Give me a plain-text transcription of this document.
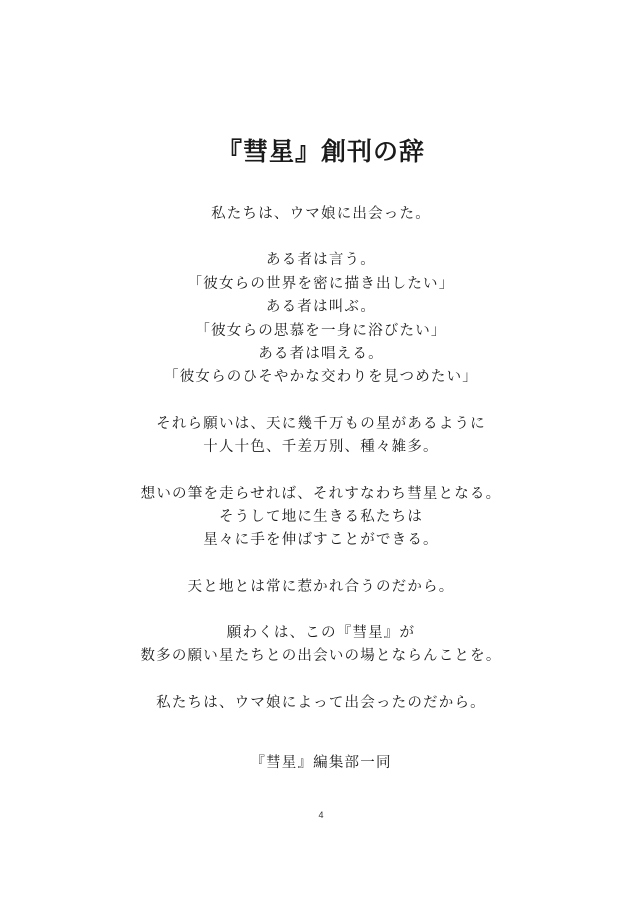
『彗星』創刊の辞
私たちは、ウマ娘に出会った。
ある者は言う。
「彼女らの世界を密に描き出したい」
ある者は叫ぶ。
「彼女らの思慕を一身に浴びたい」
ある者は唱える。
「彼女らのひそやかな交わりを見つめたい」
それら願いは、天に幾千万もの星があるように
十人十色、千差万別、種々雑多。
想いの筆を走らせれば、それすなわち彗星となる。
そうして地に生きる私たちは
星々に手を伸ばすことができる。
天と地とは常に惹かれ合うのだから。
願わくは、この『彗星』が
数多の願い星たちとの出会いの場とならんことを。
私たちは、ウマ娘によって出会ったのだから。
『彗星』編集部一同
4
